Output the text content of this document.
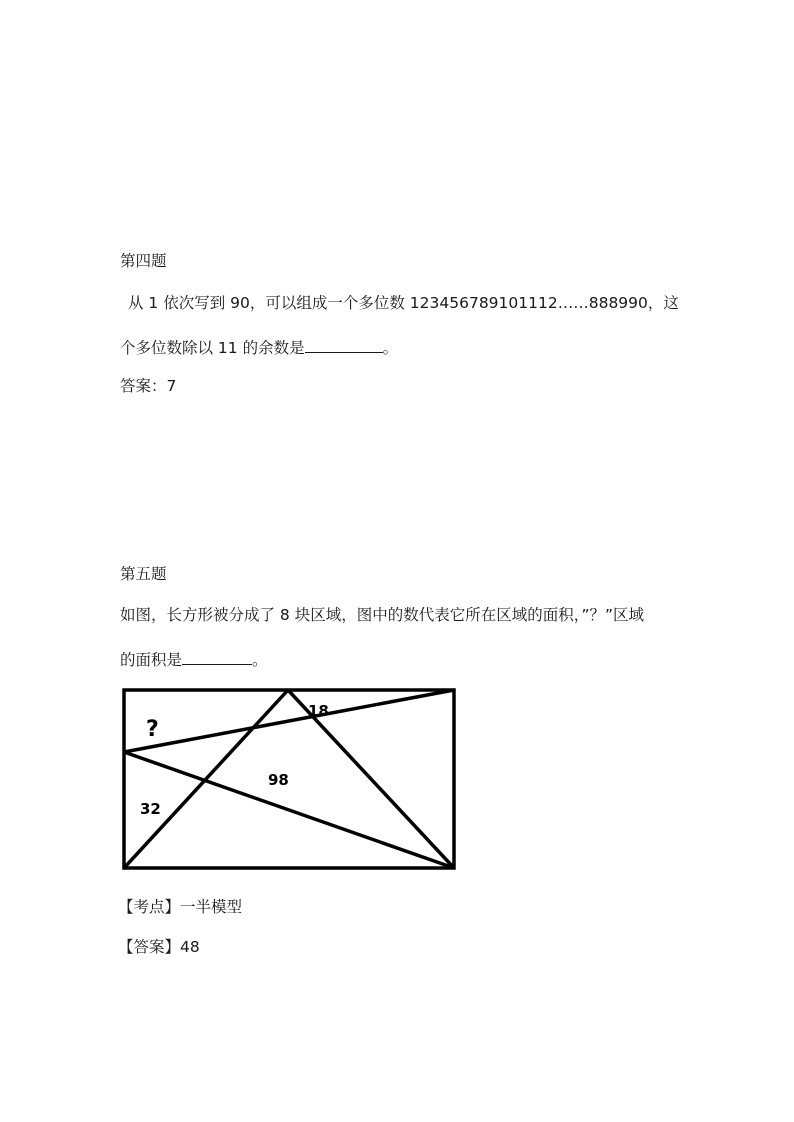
第四题
从 1 依次写到 90，可以组成一个多位数 123456789101112……888990，这
个多位数除以 11 的余数是	。
答案：7
第五题
如图，长方形被分成了 8 块区域，图中的数代表它所在区域的面积，”？”区域
的面积是	。
?
18
98
32
【考点】一半模型
【答案】48
